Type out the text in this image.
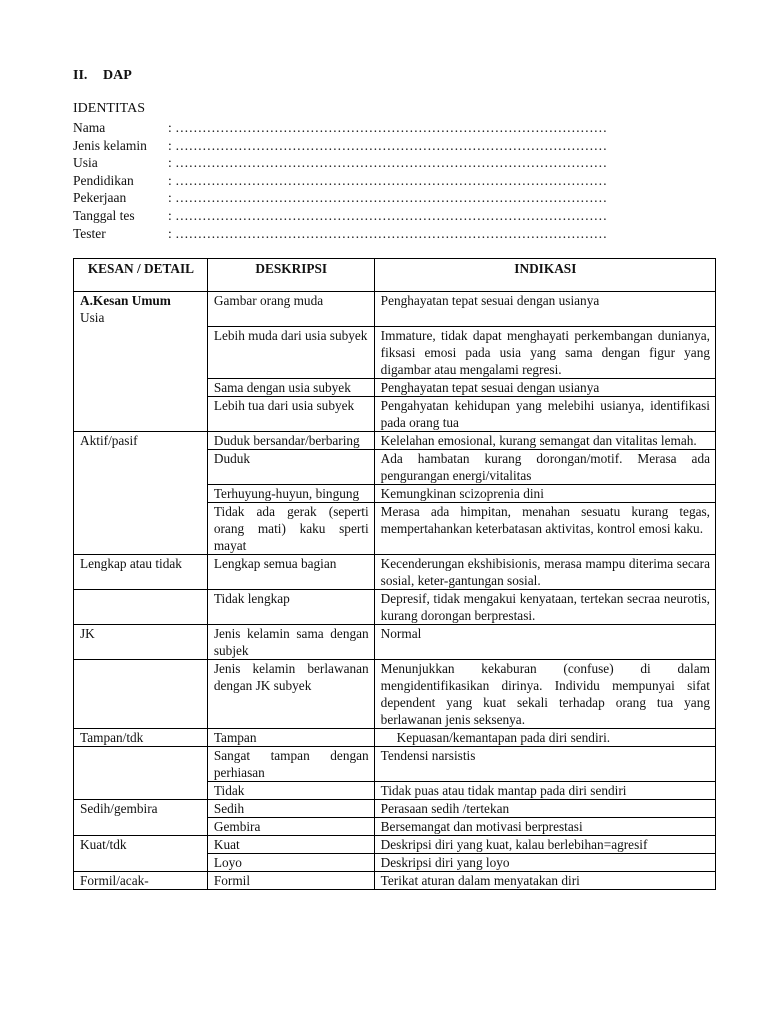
II. DAP
IDENTITAS
Nama	: ……………………………………………………………………………………
Jenis kelamin : ……………………………………………………………………………………
Usia	: ……………………………………………………………………………………
Pendidikan	: ……………………………………………………………………………………
Pekerjaan	: ……………………………………………………………………………………
Tanggal tes : ……………………………………………………………………………………
Tester	: ……………………………………………………………………………………
KESAN / DETAIL	DESKRIPSI	INDIKASI
A.Kesan Umum
Usia	Gambar orang muda	Penghayatan tepat sesuai dengan usianya
	Lebih muda dari usia subyek	Immature, tidak dapat menghayati perkembangan dunianya, fiksasi emosi pada usia yang sama dengan figur yang digambar atau mengalami regresi.
	Sama dengan usia subyek	Penghayatan tepat sesuai dengan usianya
	Lebih tua dari usia subyek	Pengahyatan kehidupan yang melebihi usianya, identifikasi pada orang tua
Aktif/pasif	Duduk bersandar/berbaring	Kelelahan emosional, kurang semangat dan vitalitas lemah.
	Duduk	Ada hambatan kurang dorongan/motif. Merasa ada pengurangan energi/vitalitas
	Terhuyung-huyun, bingung	Kemungkinan scizoprenia dini
	Tidak ada gerak (seperti orang mati) kaku sperti mayat	Merasa ada himpitan, menahan sesuatu kurang tegas, mempertahankan keterbatasan aktivitas, kontrol emosi kaku.
Lengkap atau tidak	Lengkap semua bagian	Kecenderungan ekshibisionis, merasa mampu diterima secara sosial, keter-gantungan sosial.
	Tidak lengkap	Depresif, tidak mengakui kenyataan, tertekan secraa neurotis, kurang dorongan berprestasi.
JK	Jenis kelamin sama dengan subjek	Normal
	Jenis kelamin berlawanan dengan JK subyek	Menunjukkan kekaburan (confuse) di dalam mengidentifikasikan dirinya. Individu mempunyai sifat dependent yang kuat sekali terhadap orang tua yang berlawanan jenis seksenya.
Tampan/tdk	Tampan	Kepuasan/kemantapan pada diri sendiri.
	Sangat tampan dengan perhiasan	Tendensi narsistis
	Tidak	Tidak puas atau tidak mantap pada diri sendiri
Sedih/gembira	Sedih	Perasaan sedih /tertekan
	Gembira	Bersemangat dan motivasi berprestasi
Kuat/tdk	Kuat	Deskripsi diri yang kuat, kalau berlebihan=agresif
	Loyo	Deskripsi diri yang loyo
Formil/acak-	Formil	Terikat aturan dalam menyatakan diri
